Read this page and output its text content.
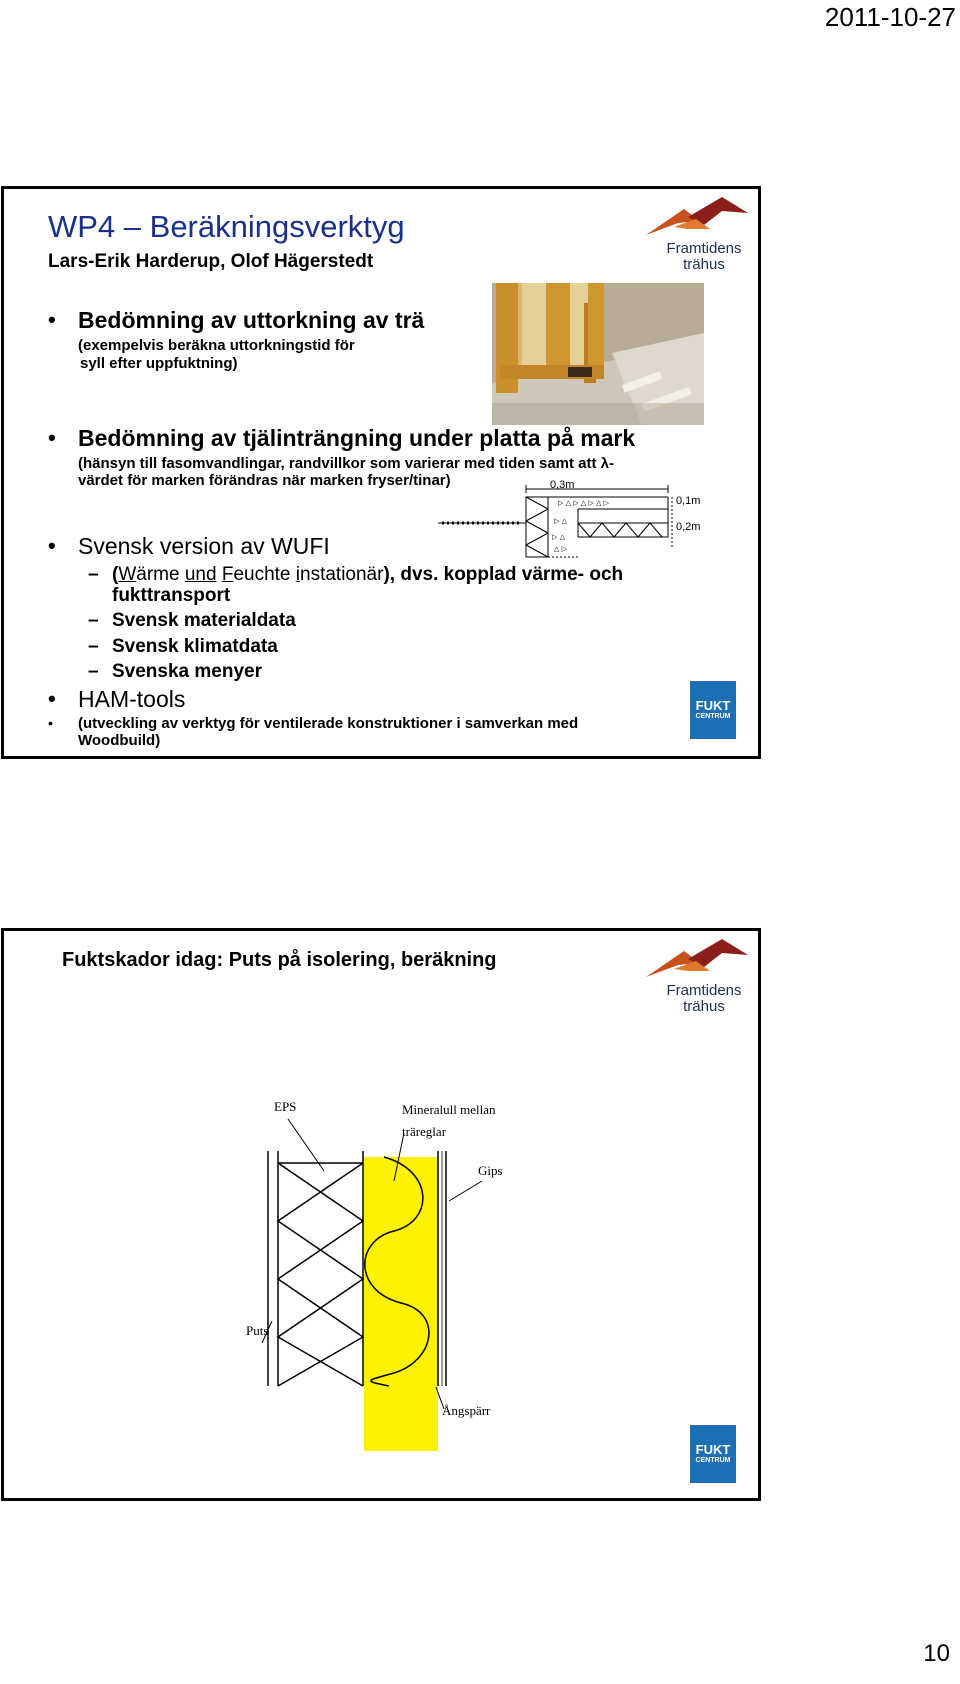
2011-10-27
WP4 – Beräkningsverktyg
Lars-Erik Harderup, Olof Hägerstedt
Framtidens
trähus
• Bedömning av uttorkning av trä
(exempelvis beräkna uttorkningstid för
syll efter uppfuktning)
• Bedömning av tjälinträngning under platta på mark
(hänsyn till fasomvandlingar, randvillkor som varierar med tiden samt att λ-
värdet för marken förändras när marken fryser/tinar)
▷ △ ▷ △ ▷ △ ▷
▷ △
▷ △
△ ▷
0,3m
0,1m
0,2m
• Svensk version av WUFI
– (Wärme und Feuchte instationär), dvs. kopplad värme- och
fukttransport
– Svensk materialdata
– Svensk klimatdata
– Svenska menyer
• HAM-tools
• (utveckling av verktyg för ventilerade konstruktioner i samverkan med
Woodbuild)
FUKT
CENTRUM
Fuktskador idag: Puts på isolering, beräkning
Framtidens
trähus
EPS	Mineralull mellan
träreglar
Gips
Puts
Ångspärr
FUKT
CENTRUM
10
